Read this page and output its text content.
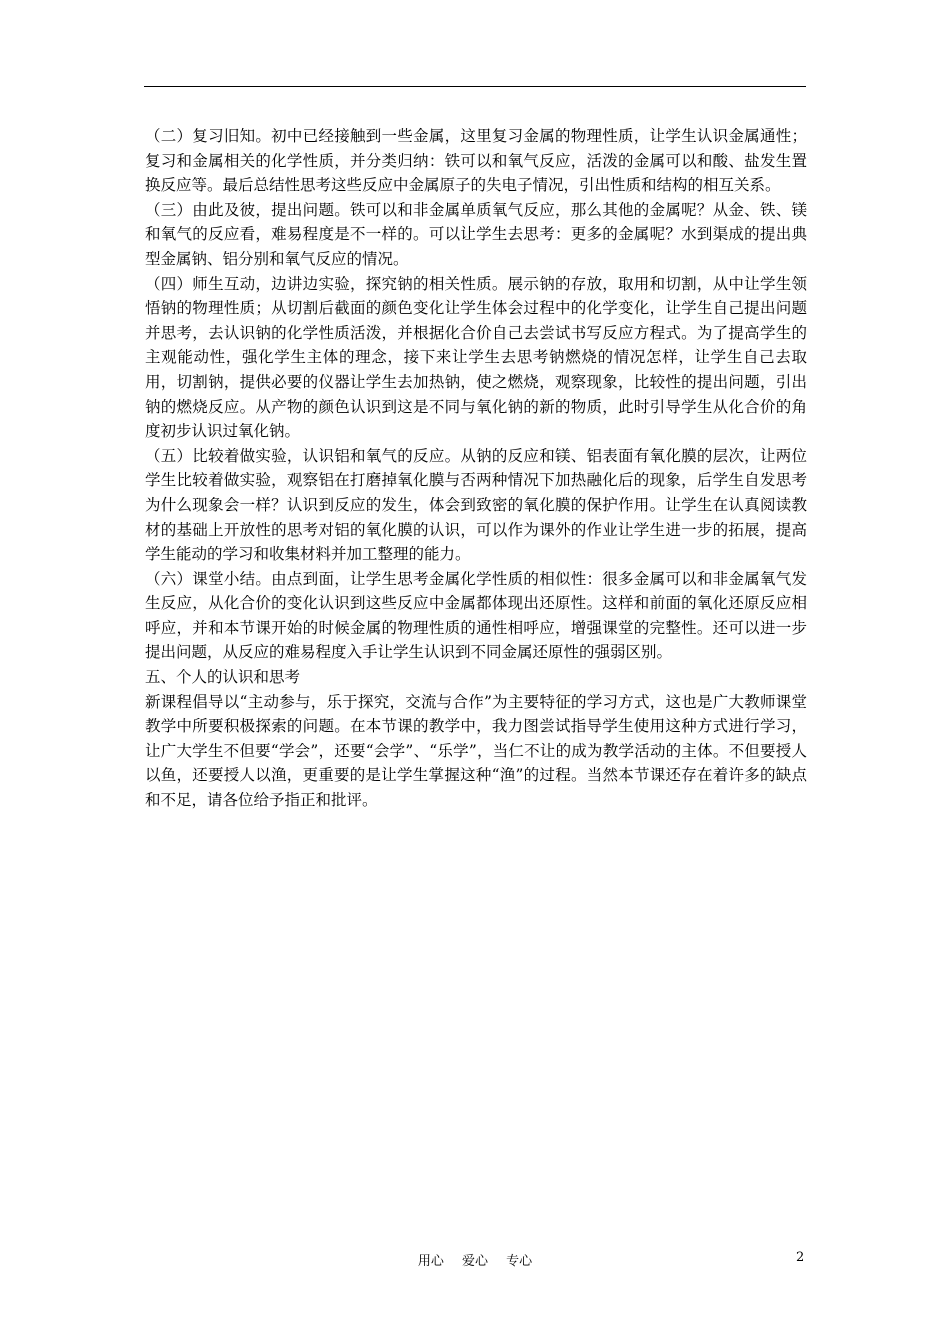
（二）复习旧知。初中已经接触到一些金属，这里复习金属的物理性质，让学生认识金属通性；复习和金属相关的化学性质，并分类归纳：铁可以和氧气反应，活泼的金属可以和酸、盐发生置换反应等。最后总结性思考这些反应中金属原子的失电子情况，引出性质和结构的相互关系。

（三）由此及彼，提出问题。铁可以和非金属单质氧气反应，那么其他的金属呢？从金、铁、镁和氧气的反应看，难易程度是不一样的。可以让学生去思考：更多的金属呢？水到渠成的提出典型金属钠、铝分别和氧气反应的情况。

（四）师生互动，边讲边实验，探究钠的相关性质。展示钠的存放，取用和切割，从中让学生领悟钠的物理性质；从切割后截面的颜色变化让学生体会过程中的化学变化，让学生自己提出问题并思考，去认识钠的化学性质活泼，并根据化合价自己去尝试书写反应方程式。为了提高学生的主观能动性，强化学生主体的理念，接下来让学生去思考钠燃烧的情况怎样，让学生自己去取用，切割钠，提供必要的仪器让学生去加热钠，使之燃烧，观察现象，比较性的提出问题，引出钠的燃烧反应。从产物的颜色认识到这是不同与氧化钠的新的物质，此时引导学生从化合价的角度初步认识过氧化钠。

（五）比较着做实验，认识铝和氧气的反应。从钠的反应和镁、铝表面有氧化膜的层次，让两位学生比较着做实验，观察铝在打磨掉氧化膜与否两种情况下加热融化后的现象，后学生自发思考为什么现象会一样？认识到反应的发生，体会到致密的氧化膜的保护作用。让学生在认真阅读教材的基础上开放性的思考对铝的氧化膜的认识，可以作为课外的作业让学生进一步的拓展，提高学生能动的学习和收集材料并加工整理的能力。

（六）课堂小结。由点到面，让学生思考金属化学性质的相似性：很多金属可以和非金属氧气发生反应，从化合价的变化认识到这些反应中金属都体现出还原性。这样和前面的氧化还原反应相呼应，并和本节课开始的时候金属的物理性质的通性相呼应，增强课堂的完整性。还可以进一步提出问题，从反应的难易程度入手让学生认识到不同金属还原性的强弱区别。

五、个人的认识和思考

新课程倡导以“主动参与，乐于探究，交流与合作”为主要特征的学习方式，这也是广大教师课堂教学中所要积极探索的问题。在本节课的教学中，我力图尝试指导学生使用这种方式进行学习，让广大学生不但要“学会”，还要“会学”、“乐学”，当仁不让的成为教学活动的主体。不但要授人以鱼，还要授人以渔，更重要的是让学生掌握这种“渔”的过程。当然本节课还存在着许多的缺点和不足，请各位给予指正和批评。

用心 爱心 专心	2
